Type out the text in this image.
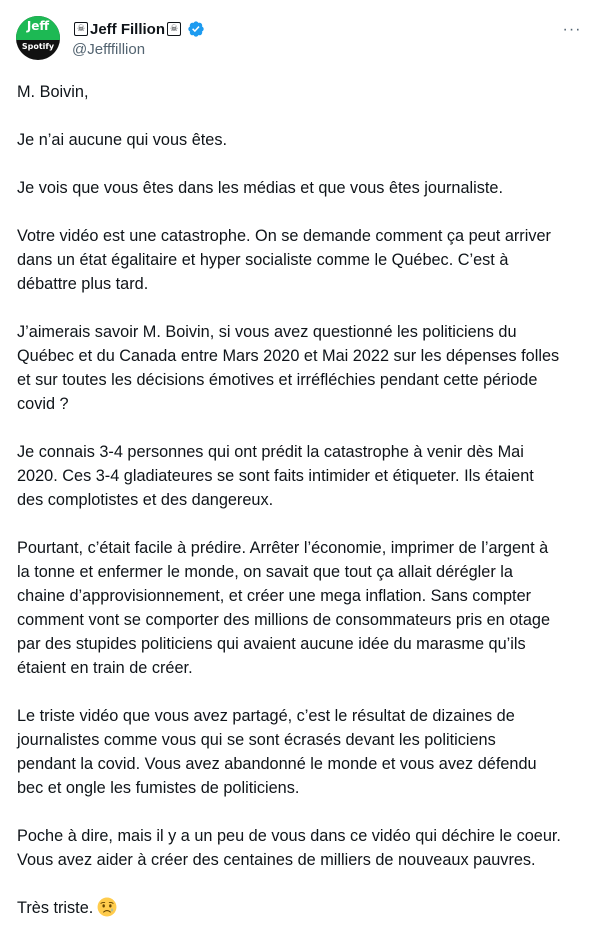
Jeff
Spotify
☠ Jeff Fillion ☠
@Jefffillion
···

M. Boivin,

Je n’ai aucune qui vous êtes.

Je vois que vous êtes dans les médias et que vous êtes journaliste.

Votre vidéo est une catastrophe. On se demande comment ça peut arriver
dans un état égalitaire et hyper socialiste comme le Québec. C’est à
débattre plus tard.

J’aimerais savoir M. Boivin, si vous avez questionné les politiciens du
Québec et du Canada entre Mars 2020 et Mai 2022 sur les dépenses folles
et sur toutes les décisions émotives et irréfléchies pendant cette période
covid ?

Je connais 3-4 personnes qui ont prédit la catastrophe à venir dès Mai
2020. Ces 3-4 gladiateures se sont faits intimider et étiqueter. Ils étaient
des complotistes et des dangereux.

Pourtant, c’était facile à prédire. Arrêter l’économie, imprimer de l’argent à
la tonne et enfermer le monde, on savait que tout ça allait dérégler la
chaine d’approvisionnement, et créer une mega inflation. Sans compter
comment vont se comporter des millions de consommateurs pris en otage
par des stupides politiciens qui avaient aucune idée du marasme qu’ils
étaient en train de créer.

Le triste vidéo que vous avez partagé, c’est le résultat de dizaines de
journalistes comme vous qui se sont écrasés devant les politiciens
pendant la covid. Vous avez abandonné le monde et vous avez défendu
bec et ongle les fumistes de politiciens.

Poche à dire, mais il y a un peu de vous dans ce vidéo qui déchire le coeur.
Vous avez aider à créer des centaines de milliers de nouveaux pauvres.

Très triste.
